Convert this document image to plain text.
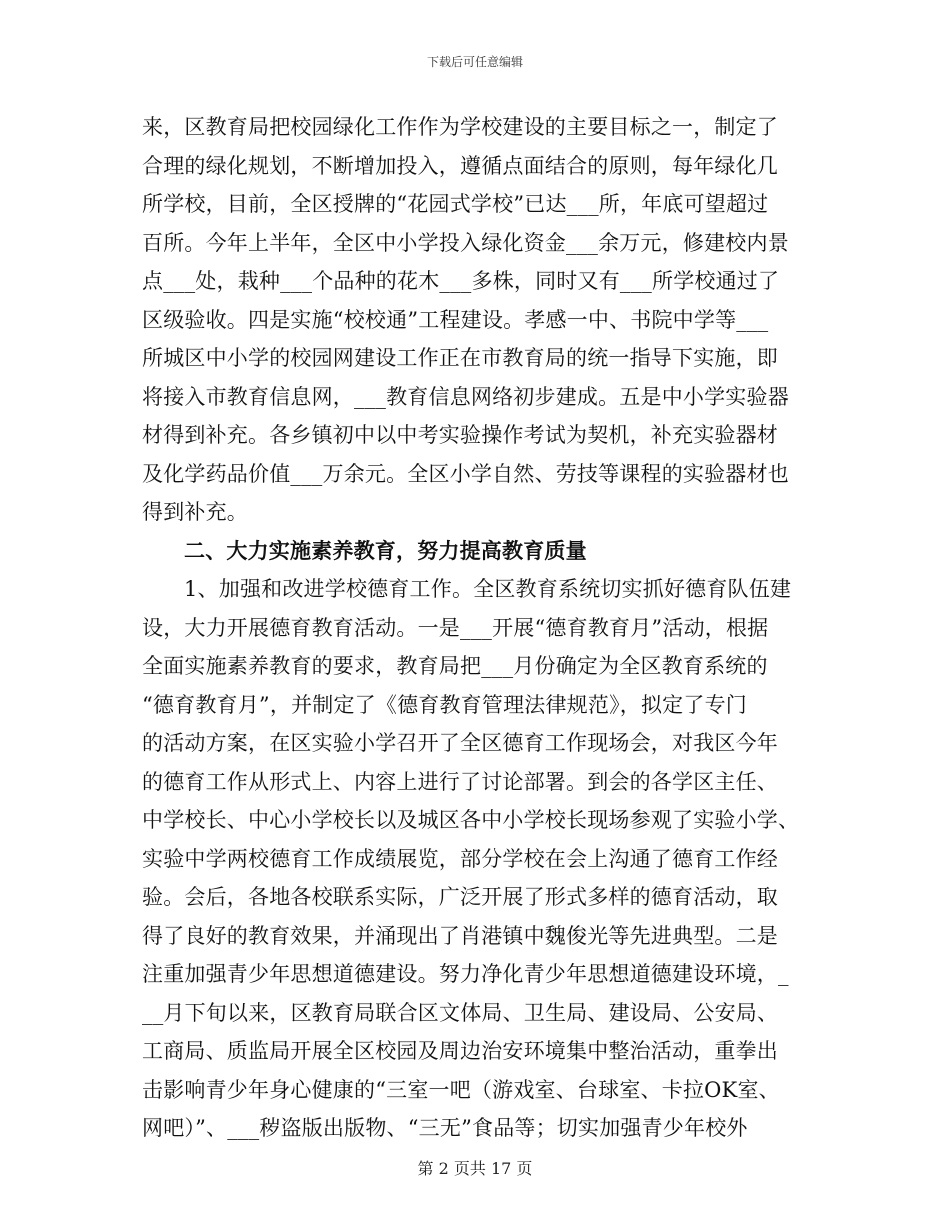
下载后可任意编辑
来，区教育局把校园绿化工作作为学校建设的主要目标之一，制定了
合理的绿化规划，不断增加投入，遵循点面结合的原则，每年绿化几
所学校，目前，全区授牌的“花园式学校”已达___所，年底可望超过
百所。今年上半年，全区中小学投入绿化资金___余万元，修建校内景
点___处，栽种___个品种的花木___多株，同时又有___所学校通过了
区级验收。四是实施“校校通”工程建设。孝感一中、书院中学等___
所城区中小学的校园网建设工作正在市教育局的统一指导下实施，即
将接入市教育信息网，___教育信息网络初步建成。五是中小学实验器
材得到补充。各乡镇初中以中考实验操作考试为契机，补充实验器材
及化学药品价值___万余元。全区小学自然、劳技等课程的实验器材也
得到补充。
二、大力实施素养教育，努力提高教育质量
1、加强和改进学校德育工作。全区教育系统切实抓好德育队伍建
设，大力开展德育教育活动。一是___开展“德育教育月”活动，根据
全面实施素养教育的要求，教育局把___月份确定为全区教育系统的
“德育教育月”，并制定了《德育教育管理法律规范》，拟定了专门
的活动方案，在区实验小学召开了全区德育工作现场会，对我区今年
的德育工作从形式上、内容上进行了讨论部署。到会的各学区主任、
中学校长、中心小学校长以及城区各中小学校长现场参观了实验小学、
实验中学两校德育工作成绩展览，部分学校在会上沟通了德育工作经
验。会后，各地各校联系实际，广泛开展了形式多样的德育活动，取
得了良好的教育效果，并涌现出了肖港镇中魏俊光等先进典型。二是
注重加强青少年思想道德建设。努力净化青少年思想道德建设环境，_
__月下旬以来，区教育局联合区文体局、卫生局、建设局、公安局、
工商局、质监局开展全区校园及周边治安环境集中整治活动，重拳出
击影响青少年身心健康的“三室一吧（游戏室、台球室、卡拉OK室、
网吧）”、___秽盗版出版物、“三无”食品等；切实加强青少年校外
第 2 页共 17 页
